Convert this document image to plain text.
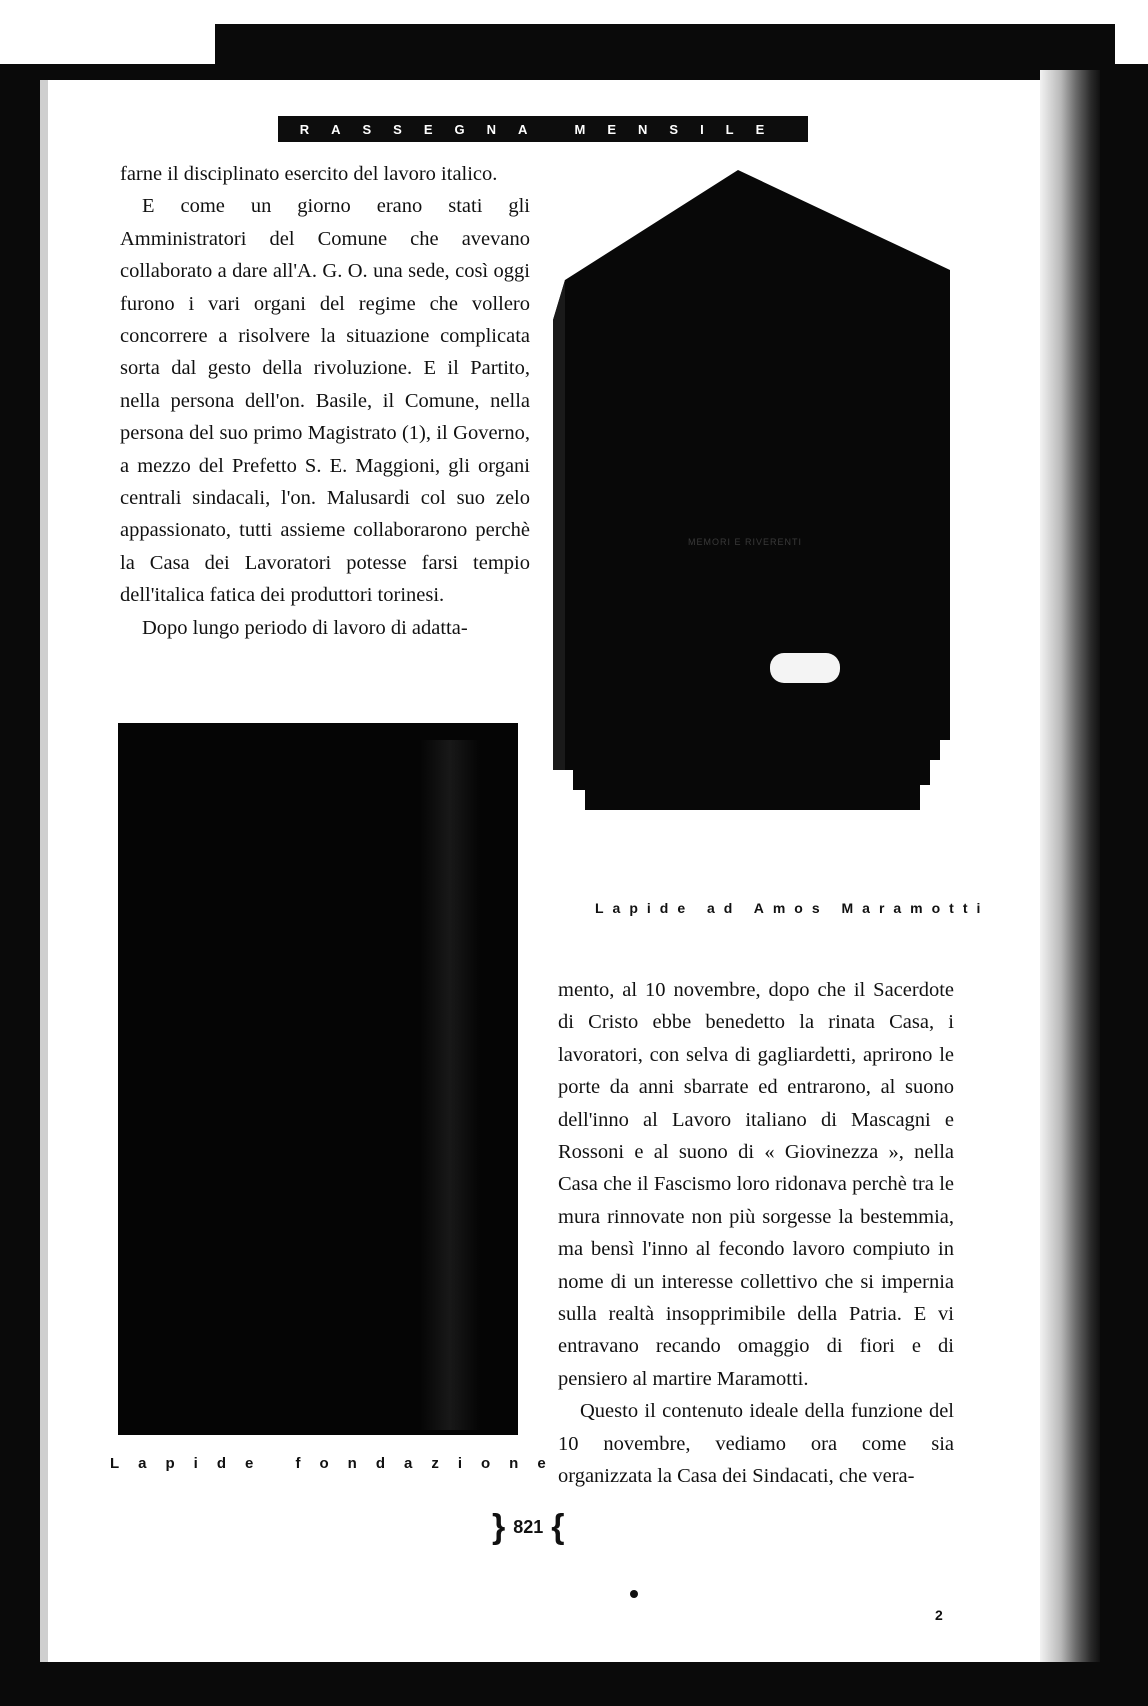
RASSEGNA MENSILE

farne il disciplinato esercito del lavoro italico.

E come un giorno erano stati gli Amministratori del Comune che avevano collaborato a dare all'A. G. O. una sede, così oggi furono i vari organi del regime che vollero concorrere a risolvere la situazione complicata sorta dal gesto della rivoluzione. E il Partito, nella persona dell'on. Basile, il Comune, nella persona del suo primo Magistrato (1), il Governo, a mezzo del Prefetto S. E. Maggioni, gli organi centrali sindacali, l'on. Malusardi col suo zelo appassionato, tutti assieme collaborarono perchè la Casa dei Lavoratori potesse farsi tempio dell'italica fatica dei produttori torinesi.

Dopo lungo periodo di lavoro di adatta-

MEMORI E RIVERENTI
Lapide ad Amos Maramotti
Lapide fondazione

mento, al 10 novembre, dopo che il Sacerdote di Cristo ebbe benedetto la rinata Casa, i lavoratori, con selva di gagliardetti, aprirono le porte da anni sbarrate ed entrarono, al suono dell'inno al Lavoro italiano di Mascagni e Rossoni e al suono di « Giovinezza », nella Casa che il Fascismo loro ridonava perchè tra le mura rinnovate non più sorgesse la bestemmia, ma bensì l'inno al fecondo lavoro compiuto in nome di un interesse collettivo che si impernia sulla realtà insopprimibile della Patria. E vi entravano recando omaggio di fiori e di pensiero al martire Maramotti.

Questo il contenuto ideale della funzione del 10 novembre, vediamo ora come sia organizzata la Casa dei Sindacati, che vera-

} 821 {
2
